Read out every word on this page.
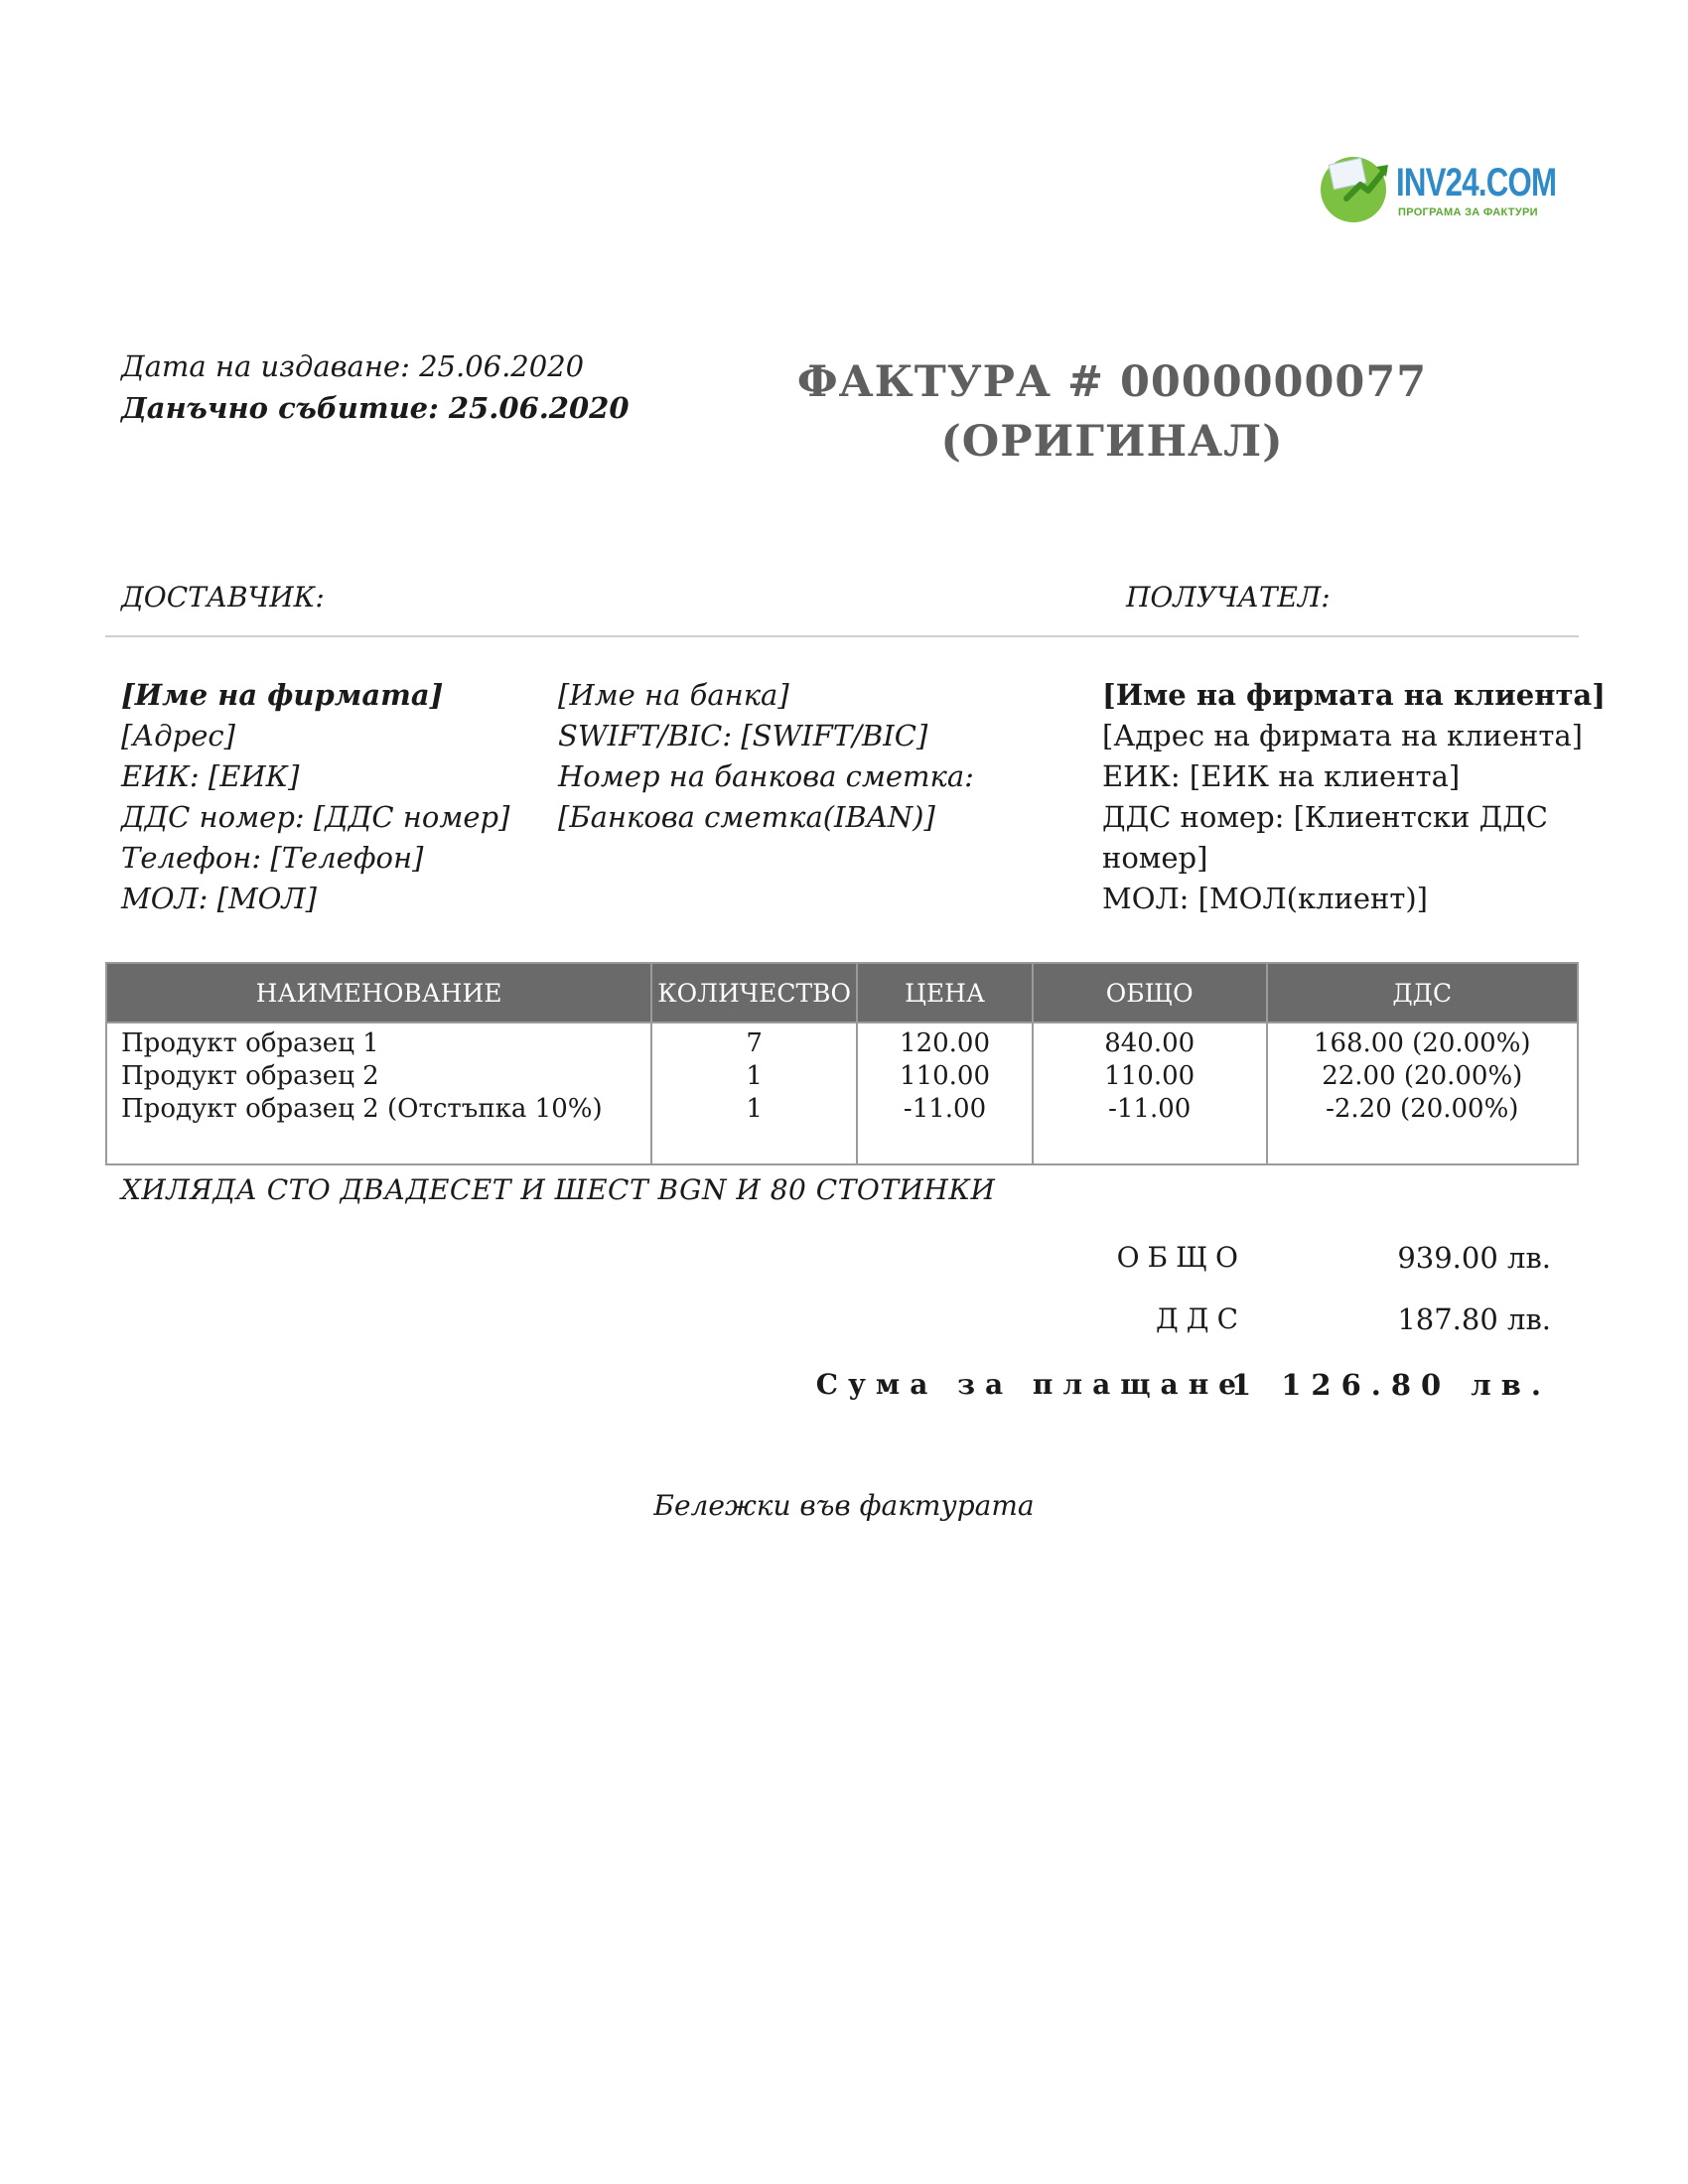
INV24.COM
ПРОГРАМА ЗА ФАКТУРИ
Дата на издаване: 25.06.2020
Данъчно събитие: 25.06.2020
ФАКТУРА # 0000000077
(ОРИГИНАЛ)
ДОСТАВЧИК:	ПОЛУЧАТЕЛ:
[Име на фирмата]
[Адрес]
ЕИК: [ЕИК]
ДДС номер: [ДДС номер]
Телефон: [Телефон]
МОЛ: [МОЛ]
[Име на банка]
SWIFT/BIC: [SWIFT/BIC]
Номер на банкова сметка:
[Банкова сметка(IBAN)]
[Име на фирмата на клиента]
[Адрес на фирмата на клиента]
ЕИК: [ЕИК на клиента]
ДДС номер: [Клиентски ДДС номер]
МОЛ: [МОЛ(клиент)]
НАИМЕНОВАНИЕ	КОЛИЧЕСТВО	ЦЕНА	ОБЩО	ДДС
Продукт образец 1	7	120.00	840.00	168.00 (20.00%)
Продукт образец 2	1	110.00	110.00	22.00 (20.00%)
Продукт образец 2 (Отстъпка 10%)	1	-11.00	-11.00	-2.20 (20.00%)
ХИЛЯДА СТО ДВАДЕСЕТ И ШЕСТ BGN И 80 СТОТИНКИ
ОБЩО	939.00 лв.
ДДС	187.80 лв.
Сума за плащане
1 126.80 лв.
Бележки във фактурата
